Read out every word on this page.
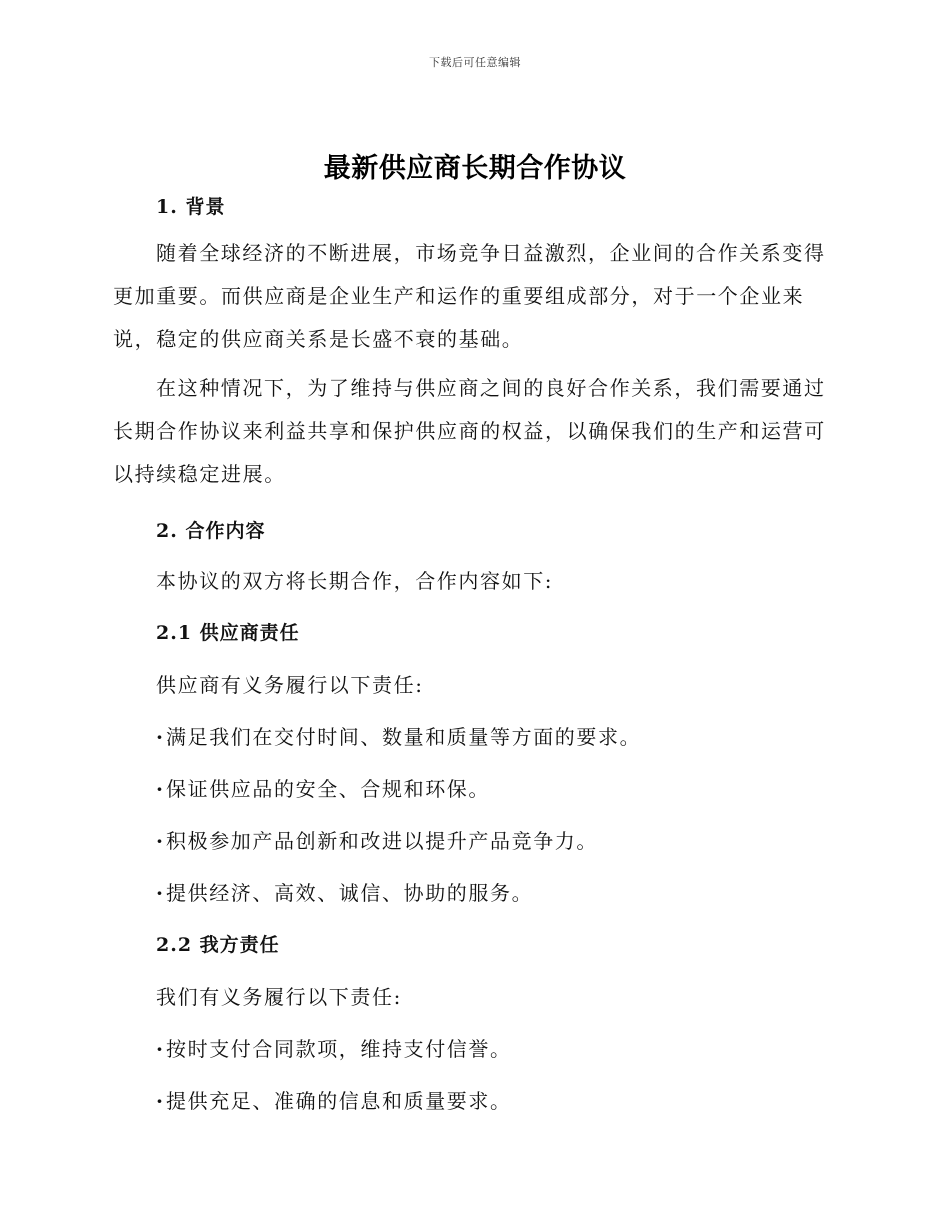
下载后可任意编辑
最新供应商长期合作协议

1. 背景

随着全球经济的不断进展，市场竞争日益激烈，企业间的合作关系变得更加重要。而供应商是企业生产和运作的重要组成部分，对于一个企业来说，稳定的供应商关系是长盛不衰的基础。

在这种情况下，为了维持与供应商之间的良好合作关系，我们需要通过长期合作协议来利益共享和保护供应商的权益，以确保我们的生产和运营可以持续稳定进展。

2. 合作内容

本协议的双方将长期合作，合作内容如下:

2.1 供应商责任

供应商有义务履行以下责任:

·满足我们在交付时间、数量和质量等方面的要求。

·保证供应品的安全、合规和环保。

·积极参加产品创新和改进以提升产品竞争力。

·提供经济、高效、诚信、协助的服务。

2.2 我方责任

我们有义务履行以下责任:

·按时支付合同款项，维持支付信誉。

·提供充足、准确的信息和质量要求。
